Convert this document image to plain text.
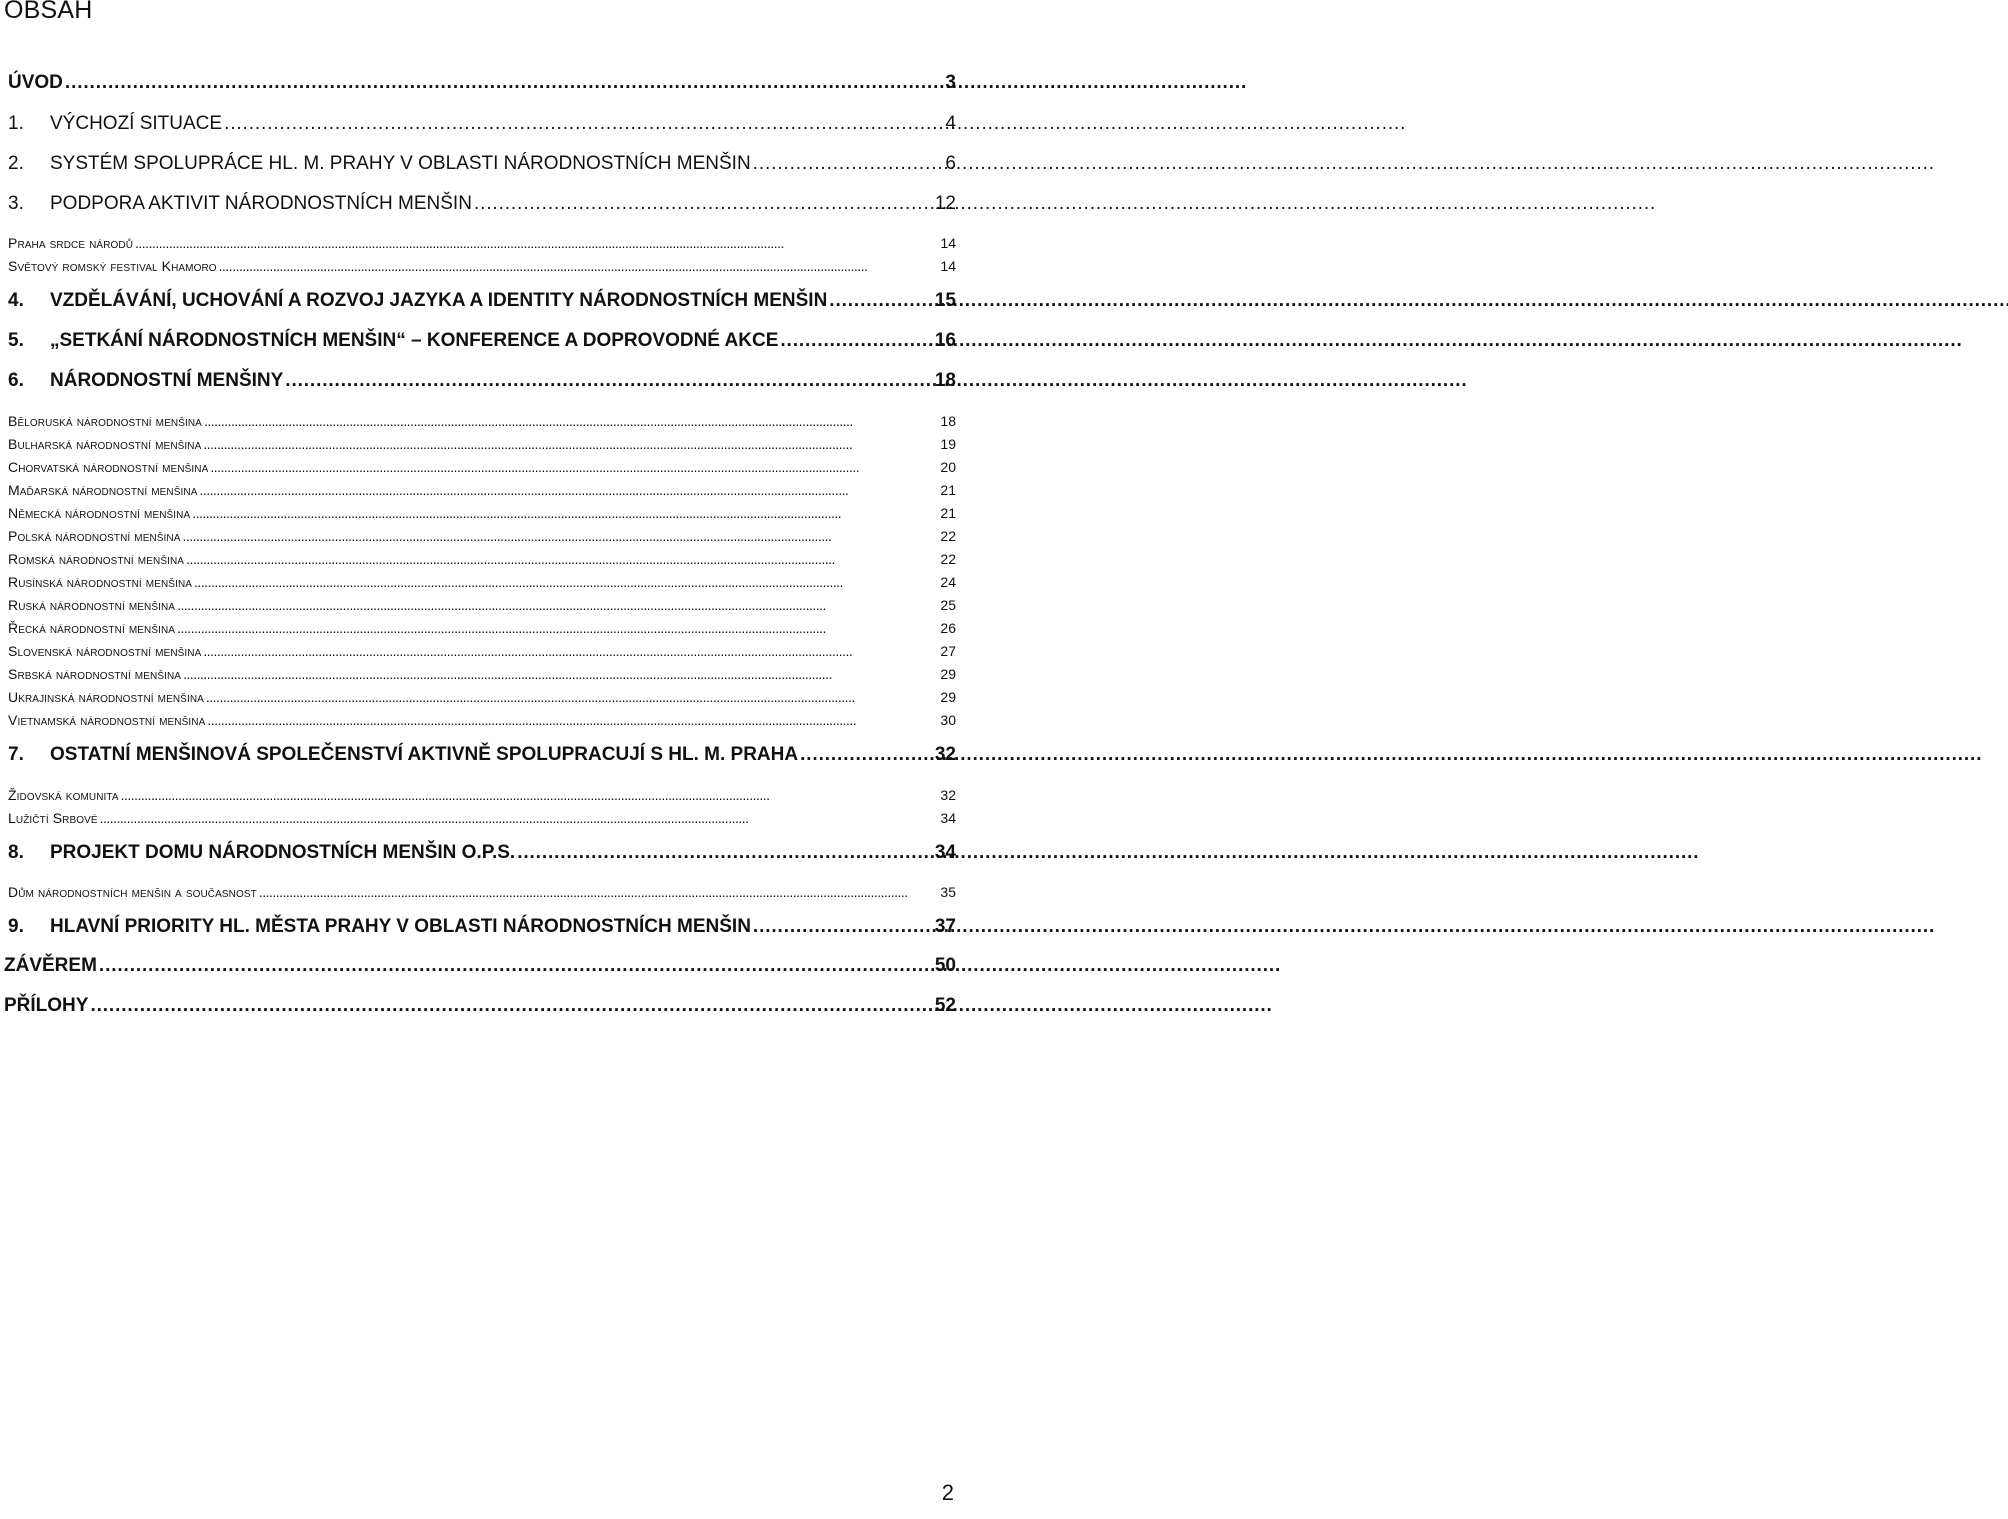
OBSAH
ÚVOD . . .	3
1.	VÝCHOZÍ SITUACE . . .	4
2.	SYSTÉM SPOLUPRÁCE HL. M. PRAHY V OBLASTI NÁRODNOSTNÍCH MENŠIN . . .	6
3.	PODPORA AKTIVIT NÁRODNOSTNÍCH MENŠIN . . .	12
Praha srdce národů . . .	14
Světový romský festival Khamoro . . .	14
4.	VZDĚLÁVÁNÍ, UCHOVÁNÍ A ROZVOJ JAZYKA A IDENTITY NÁRODNOSTNÍCH MENŠIN . . .	15
5.	„SETKÁNÍ NÁRODNOSTNÍCH MENŠIN“ – KONFERENCE A DOPROVODNÉ AKCE . . .	16
6.	NÁRODNOSTNÍ MENŠINY . . .	18
Běloruská národnostní menšina . . .	18
Bulharská národnostní menšina . . .	19
Chorvatská národnostní menšina . . .	20
Maďarská národnostní menšina . . .	21
Německá národnostní menšina . . .	21
Polská národnostní menšina . . .	22
Romská národnostní menšina . . .	22
Rusínská národnostní menšina . . .	24
Ruská národnostní menšina . . .	25
Řecká národnostní menšina . . .	26
Slovenská národnostní menšina . . .	27
Srbská národnostní menšina . . .	29
Ukrajinská národnostní menšina . . .	29
Vietnamská národnostní menšina . . .	30
7.	OSTATNÍ MENŠINOVÁ SPOLEČENSTVÍ AKTIVNĚ SPOLUPRACUJÍ S HL. M. PRAHA . . .	32
Židovská komunita . . .	32
Lužičtí Srbové . . .	34
8.	PROJEKT DOMU NÁRODNOSTNÍCH MENŠIN O.P.S. . . .	34
Dům národnostních menšin a současnost . . .	35
9.	HLAVNÍ PRIORITY HL. MĚSTA PRAHY V OBLASTI NÁRODNOSTNÍCH MENŠIN . . .	37
ZÁVĚREM . . .	50
PŘÍLOHY . . .	52
2
